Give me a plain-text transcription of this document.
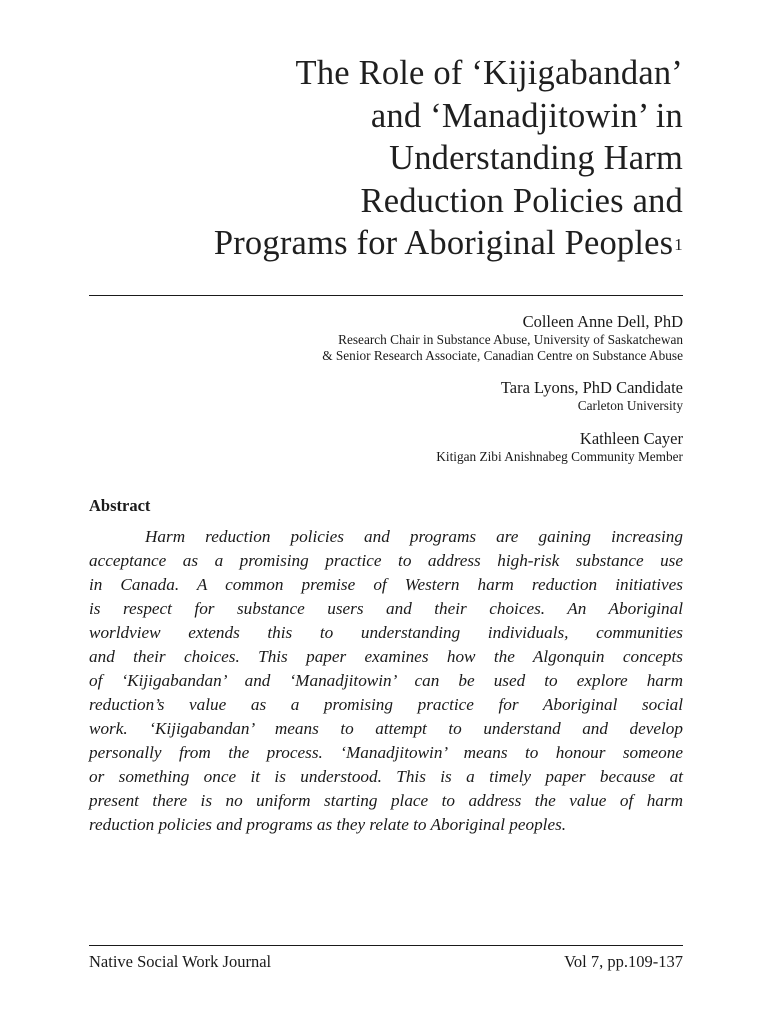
The Role of ‘Kijigabandan’
and ‘Manadjitowin’ in
Understanding Harm
Reduction Policies and
Programs for Aboriginal Peoples$^1$
Colleen Anne Dell, PhD
Research Chair in Substance Abuse, University of Saskatchewan
& Senior Research Associate, Canadian Centre on Substance Abuse
Tara Lyons, PhD Candidate
Carleton University
Kathleen Cayer
Kitigan Zibi Anishnabeg Community Member
Abstract
Harm reduction policies and programs are gaining increasing
acceptance as a promising practice to address high-risk substance use
in Canada. A common premise of Western harm reduction initiatives
is respect for substance users and their choices. An Aboriginal
worldview extends this to understanding individuals, communities
and their choices. This paper examines how the Algonquin concepts
of ‘Kijigabandan’ and ‘Manadjitowin’ can be used to explore harm
reduction’s value as a promising practice for Aboriginal social
work. ‘Kijigabandan’ means to attempt to understand and develop
personally from the process. ‘Manadjitowin’ means to honour someone
or something once it is understood. This is a timely paper because at
present there is no uniform starting place to address the value of harm
reduction policies and programs as they relate to Aboriginal peoples.
Native Social Work Journal	Vol 7, pp.109-137
